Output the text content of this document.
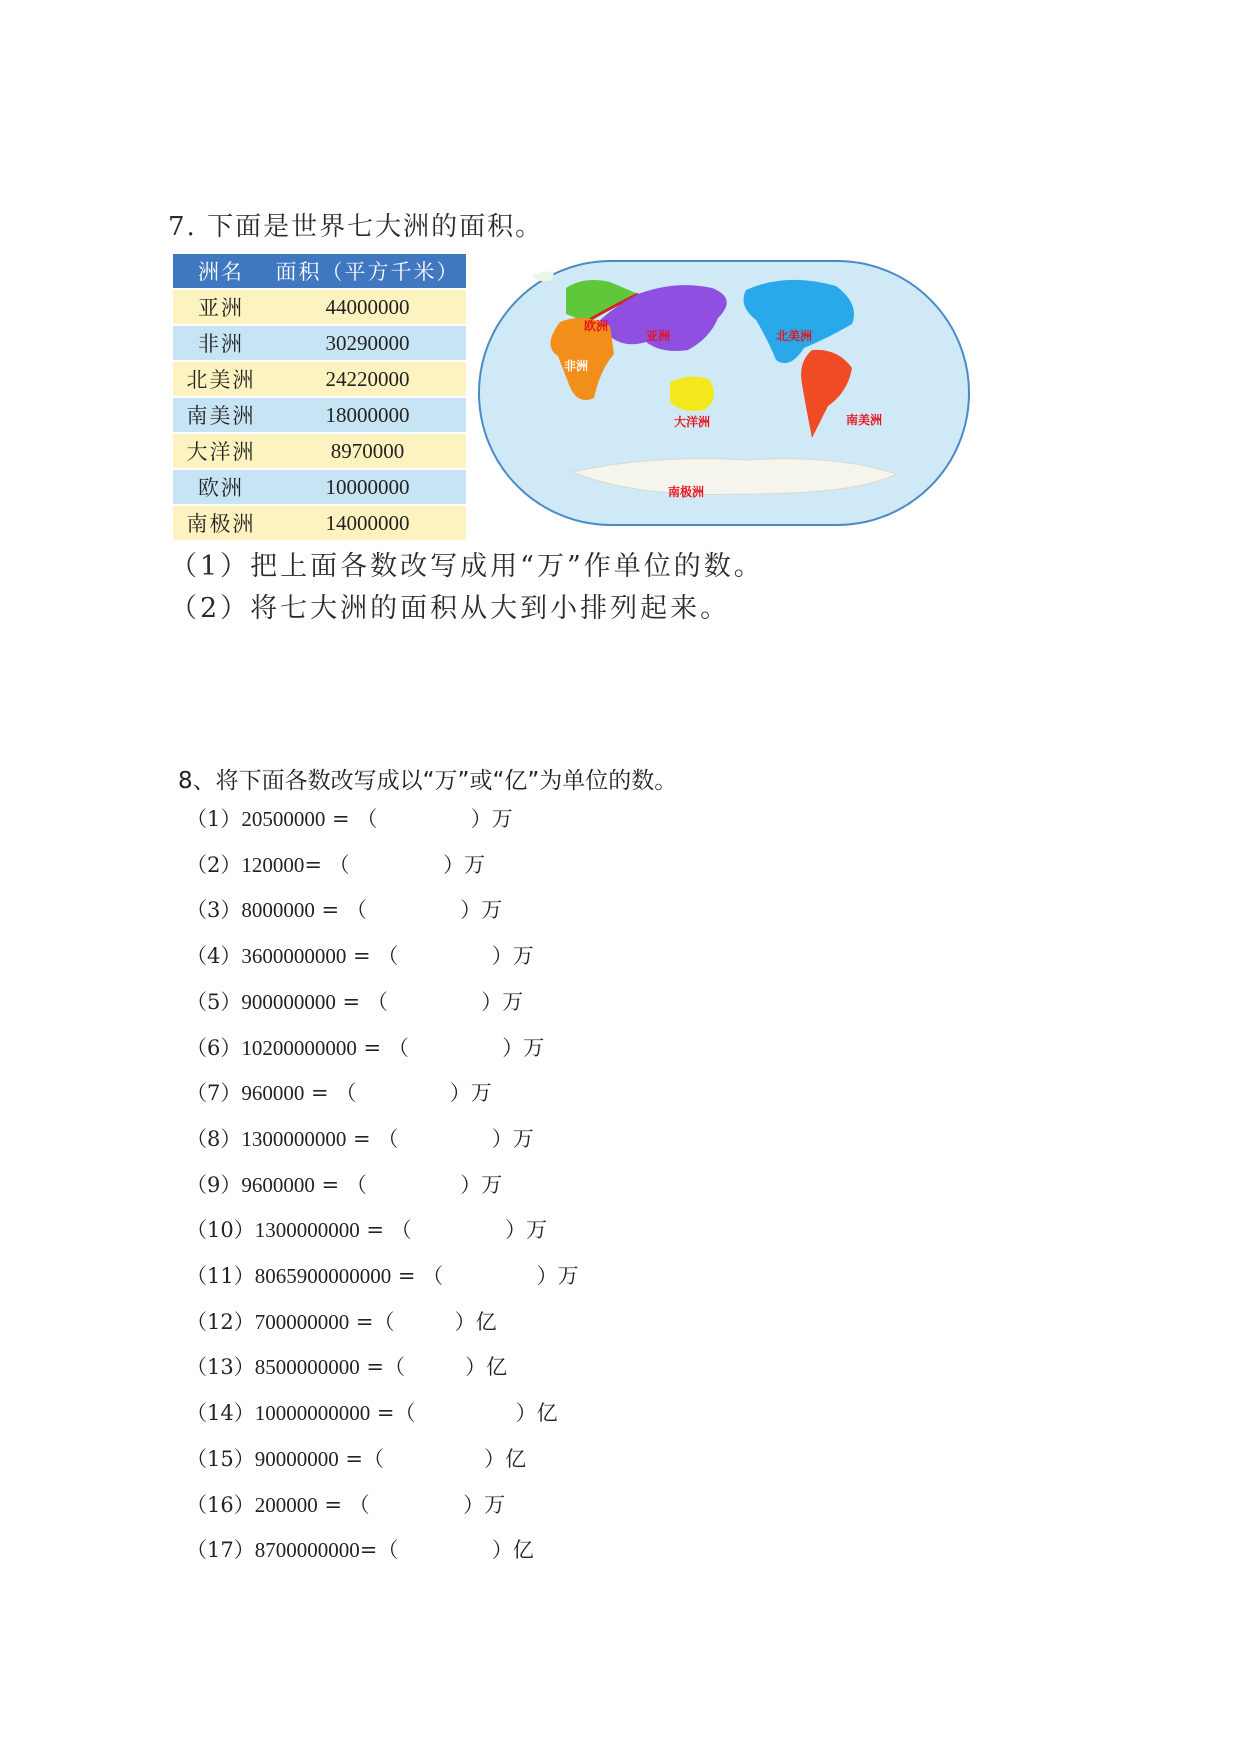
7. 下面是世界七大洲的面积。
洲名	面积（平方千米）
亚洲	44000000
非洲	30290000
北美洲	24220000
南美洲	18000000
大洋洲	8970000
欧洲	10000000
南极洲	14000000
欧洲
亚洲	北美洲
非洲
大洋洲	南美洲
南极洲
（1）把上面各数改写成用“万”作单位的数。
（2）将七大洲的面积从大到小排列起来。
8、将下面各数改写成以“万”或“亿”为单位的数。
（1）20500000 = （	）万
（2）120000= （	）万
（3）8000000 = （	）万
（4）3600000000 = （	）万
（5）900000000 = （	）万
（6）10200000000 = （	）万
（7）960000 = （	）万
（8）1300000000 = （	）万
（9）9600000 = （	）万
（10）1300000000 = （	）万
（11）8065900000000 = （	）万
（12）700000000 =（	）亿
（13）8500000000 =（	）亿
（14）10000000000 =（	）亿
（15）90000000 =（	）亿
（16）200000 = （	）万
（17）8700000000=（	）亿
